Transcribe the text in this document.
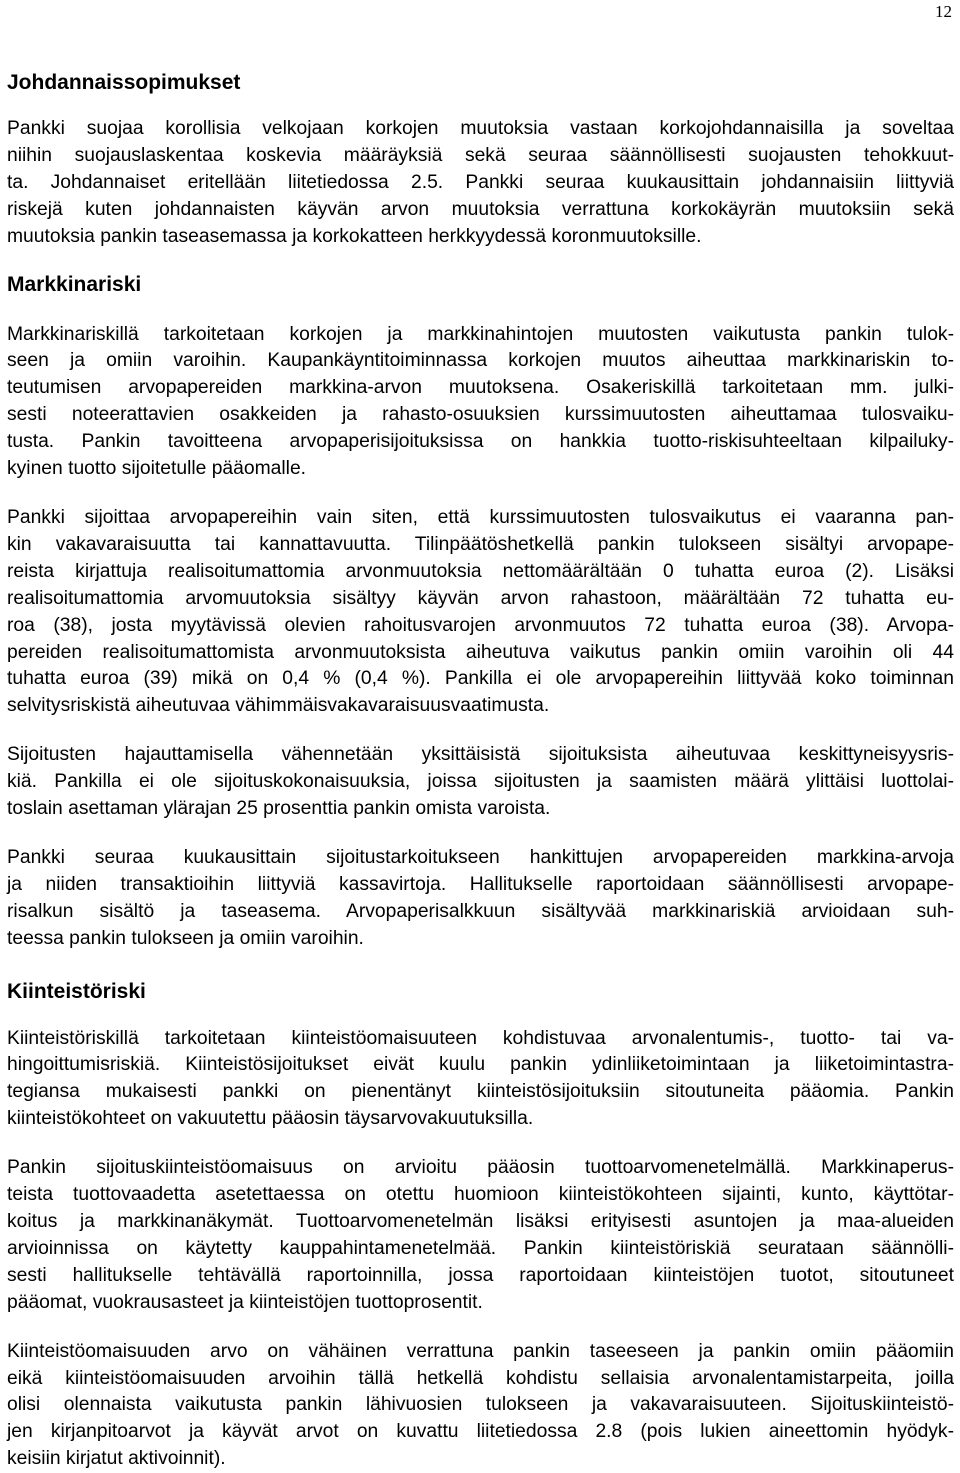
12
Johdannaissopimukset
Pankki suojaa korollisia velkojaan korkojen muutoksia vastaan korkojohdannaisilla ja soveltaa
niihin suojauslaskentaa koskevia määräyksiä sekä seuraa säännöllisesti suojausten tehokkuut-
ta. Johdannaiset eritellään liitetiedossa 2.5. Pankki seuraa kuukausittain johdannaisiin liittyviä
riskejä kuten johdannaisten käyvän arvon muutoksia verrattuna korkokäyrän muutoksiin sekä
muutoksia pankin taseasemassa ja korkokatteen herkkyydessä koronmuutoksille.
Markkinariski
Markkinariskillä tarkoitetaan korkojen ja markkinahintojen muutosten vaikutusta pankin tulok-
seen ja omiin varoihin. Kaupankäyntitoiminnassa korkojen muutos aiheuttaa markkinariskin to-
teutumisen arvopapereiden markkina-arvon muutoksena. Osakeriskillä tarkoitetaan mm. julki-
sesti noteerattavien osakkeiden ja rahasto-osuuksien kurssimuutosten aiheuttamaa tulosvaiku-
tusta. Pankin tavoitteena arvopaperisijoituksissa on hankkia tuotto-riskisuhteeltaan kilpailuky-
kyinen tuotto sijoitetulle pääomalle.
Pankki sijoittaa arvopapereihin vain siten, että kurssimuutosten tulosvaikutus ei vaaranna pan-
kin vakavaraisuutta tai kannattavuutta. Tilinpäätöshetkellä pankin tulokseen sisältyi arvopape-
reista kirjattuja realisoitumattomia arvonmuutoksia nettomäärältään 0 tuhatta euroa (2). Lisäksi
realisoitumattomia arvomuutoksia sisältyy käyvän arvon rahastoon, määrältään 72 tuhatta eu-
roa (38), josta myytävissä olevien rahoitusvarojen arvonmuutos 72 tuhatta euroa (38). Arvopa-
pereiden realisoitumattomista arvonmuutoksista aiheutuva vaikutus pankin omiin varoihin oli 44
tuhatta euroa (39) mikä on 0,4 % (0,4 %). Pankilla ei ole arvopapereihin liittyvää koko toiminnan
selvitysriskistä aiheutuvaa vähimmäisvakavaraisuusvaatimusta.
Sijoitusten hajauttamisella vähennetään yksittäisistä sijoituksista aiheutuvaa keskittyneisyysris-
kiä. Pankilla ei ole sijoituskokonaisuuksia, joissa sijoitusten ja saamisten määrä ylittäisi luottolai-
toslain asettaman ylärajan 25 prosenttia pankin omista varoista.
Pankki seuraa kuukausittain sijoitustarkoitukseen hankittujen arvopapereiden markkina-arvoja
ja niiden transaktioihin liittyviä kassavirtoja. Hallitukselle raportoidaan säännöllisesti arvopape-
risalkun sisältö ja taseasema. Arvopaperisalkkuun sisältyvää markkinariskiä arvioidaan suh-
teessa pankin tulokseen ja omiin varoihin.
Kiinteistöriski
Kiinteistöriskillä tarkoitetaan kiinteistöomaisuuteen kohdistuvaa arvonalentumis-, tuotto- tai va-
hingoittumisriskiä. Kiinteistösijoitukset eivät kuulu pankin ydinliiketoimintaan ja liiketoimintastra-
tegiansa mukaisesti pankki on pienentänyt kiinteistösijoituksiin sitoutuneita pääomia. Pankin
kiinteistökohteet on vakuutettu pääosin täysarvovakuutuksilla.
Pankin sijoituskiinteistöomaisuus on arvioitu pääosin tuottoarvomenetelmällä. Markkinaperus-
teista tuottovaadetta asetettaessa on otettu huomioon kiinteistökohteen sijainti, kunto, käyttötar-
koitus ja markkinanäkymät. Tuottoarvomenetelmän lisäksi erityisesti asuntojen ja maa-alueiden
arvioinnissa on käytetty kauppahintamenetelmää. Pankin kiinteistöriskiä seurataan säännölli-
sesti hallitukselle tehtävällä raportoinnilla, jossa raportoidaan kiinteistöjen tuotot, sitoutuneet
pääomat, vuokrausasteet ja kiinteistöjen tuottoprosentit.
Kiinteistöomaisuuden arvo on vähäinen verrattuna pankin taseeseen ja pankin omiin pääomiin
eikä kiinteistöomaisuuden arvoihin tällä hetkellä kohdistu sellaisia arvonalentamistarpeita, joilla
olisi olennaista vaikutusta pankin lähivuosien tulokseen ja vakavaraisuuteen. Sijoituskiinteistö-
jen kirjanpitoarvot ja käyvät arvot on kuvattu liitetiedossa 2.8 (pois lukien aineettomin hyödyk-
keisiin kirjatut aktivoinnit).
